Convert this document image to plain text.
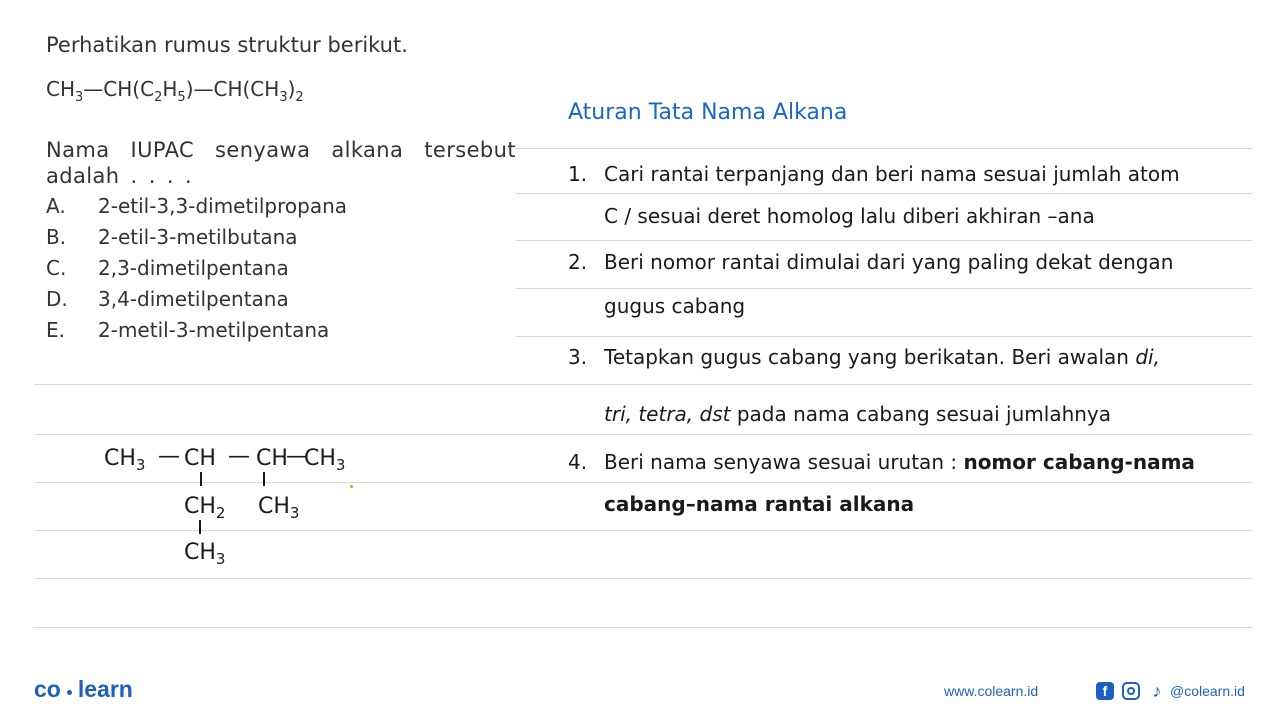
Perhatikan rumus struktur berikut.
$CH_3—CH(C_2H_5)—CH(CH_3)_2$
Nama IUPAC senyawa alkana tersebut adalah . . . .
A.	2-etil-3,3-dimetilpropana
B.	2-etil-3-metilbutana
C.	2,3-dimetilpentana
D.	3,4-dimetilpentana
E.	2-metil-3-metilpentana
Aturan Tata Nama Alkana
1. Cari rantai terpanjang dan beri nama sesuai jumlah atom
C / sesuai deret homolog lalu diberi akhiran –ana
2. Beri nomor rantai dimulai dari yang paling dekat dengan
gugus cabang
3. Tetapkan gugus cabang yang berikatan. Beri awalan di,
tri, tetra, dst pada nama cabang sesuai jumlahnya
4. Beri nama senyawa sesuai urutan : nomor cabang-nama
cabang–nama rantai alkana
$CH_3$ — CH — CH
—
$CH_3$
$CH_2$ $CH_3$
$CH_3$
co learn	www.colearn.id	f	♪ @colearn.id
